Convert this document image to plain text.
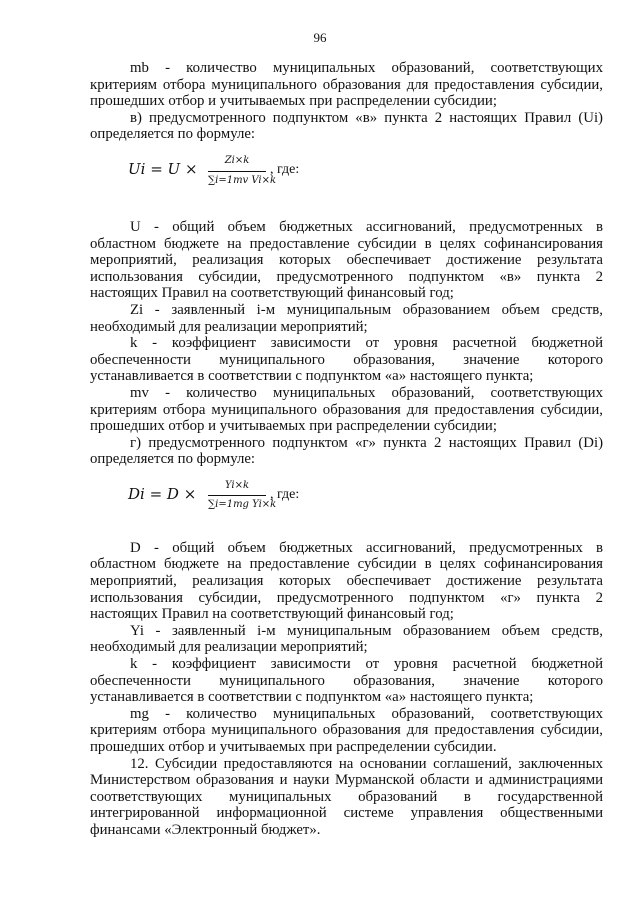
96

mb - количество муниципальных образований, соответствующих критериям отбора муниципального образования для предоставления субсидии, прошедших отбор и учитываемых при распределении субсидии;

в) предусмотренного подпунктом «в» пункта 2 настоящих Правил (Ui) определяется по формуле:

$Ui = U \times \frac{Zi\times k}{\text{∑i=1mv Vi×k}}$ , где:

U - общий объем бюджетных ассигнований, предусмотренных в областном бюджете на предоставление субсидии в целях софинансирования мероприятий, реализация которых обеспечивает достижение результата использования субсидии, предусмотренного подпунктом «в» пункта 2 настоящих Правил на соответствующий финансовый год;

Zi - заявленный i-м муниципальным образованием объем средств, необходимый для реализации мероприятий;

k - коэффициент зависимости от уровня расчетной бюджетной обеспеченности муниципального образования, значение которого устанавливается в соответствии с подпунктом «а» настоящего пункта;

mv - количество муниципальных образований, соответствующих критериям отбора муниципального образования для предоставления субсидии, прошедших отбор и учитываемых при распределении субсидии;

г) предусмотренного подпунктом «г» пункта 2 настоящих Правил (Di) определяется по формуле:

$Di = D \times \frac{Yi\times k}{\text{∑i=1mg Yi×k}}$ , где:

D - общий объем бюджетных ассигнований, предусмотренных в областном бюджете на предоставление субсидии в целях софинансирования мероприятий, реализация которых обеспечивает достижение результата использования субсидии, предусмотренного подпунктом «г» пункта 2 настоящих Правил на соответствующий финансовый год;

Yi - заявленный i-м муниципальным образованием объем средств, необходимый для реализации мероприятий;

k - коэффициент зависимости от уровня расчетной бюджетной обеспеченности муниципального образования, значение которого устанавливается в соответствии с подпунктом «а» настоящего пункта;

mg - количество муниципальных образований, соответствующих критериям отбора муниципального образования для предоставления субсидии, прошедших отбор и учитываемых при распределении субсидии.

12. Субсидии предоставляются на основании соглашений, заключенных Министерством образования и науки Мурманской области и администрациями соответствующих муниципальных образований в государственной интегрированной информационной системе управления общественными финансами «Электронный бюджет».
